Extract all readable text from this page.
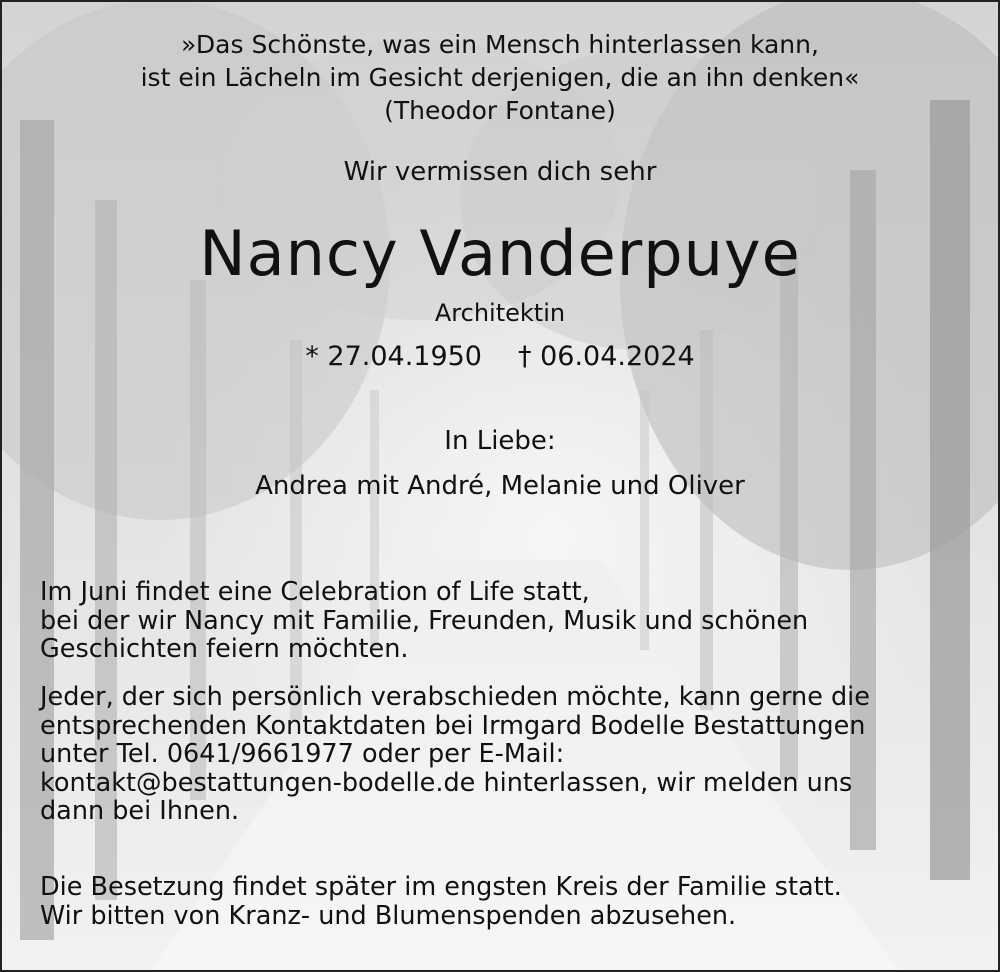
»Das Schönste, was ein Mensch hinterlassen kann,
ist ein Lächeln im Gesicht derjenigen, die an ihn denken«
(Theodor Fontane)
Wir vermissen dich sehr
Nancy Vanderpuye
Architektin
* 27.04.1950 † 06.04.2024
In Liebe:
Andrea mit André, Melanie und Oliver
Im Juni findet eine Celebration of Life statt,
bei der wir Nancy mit Familie, Freunden, Musik und schönen
Geschichten feiern möchten.
Jeder, der sich persönlich verabschieden möchte, kann gerne die
entsprechenden Kontaktdaten bei Irmgard Bodelle Bestattungen
unter Tel. 0641/9661977 oder per E-Mail:
kontakt@bestattungen-bodelle.de hinterlassen, wir melden uns
dann bei Ihnen.
Die Besetzung findet später im engsten Kreis der Familie statt.
Wir bitten von Kranz- und Blumenspenden abzusehen.
